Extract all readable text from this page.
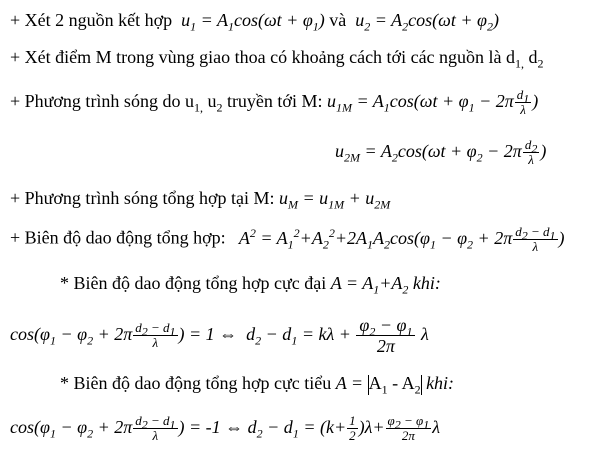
+ Xét 2 nguồn kết hợp  $u_1 = A_1\cos(\omega t + \varphi_1)$ và  $u_2 = A_2\cos(\omega t + \varphi_2)$
+ Xét điểm M trong vùng giao thoa có khoảng cách tới các nguồn là $d_{1,}$ $d_2$
+ Phương trình sóng do $u_{1,}$ $u_2$ truyền tới M: $u_{1M} = A_1\cos(\omega t + \varphi_1 - 2\pi \frac{d_1}{\lambda}$ )
$u_{2M} = A_2\cos(\omega t + \varphi_2 - 2\pi \frac{d_2}{\lambda}$ )
+ Phương trình sóng tổng hợp tại M: $u_M = u_{1M} + u_{2M}$
+ Biên độ dao động tổng hợp:   $A^2 = A_1^2+A_2^2+2A_1A_2\cos(\varphi_1 - \varphi_2 + 2\pi \frac{d_2 - d_1}{\lambda}$ )
* Biên độ dao động tổng hợp cực đại $A = A_1+A_2$ khi:
$\cos(\varphi_1 - \varphi_2 + 2\pi \frac{d_2 - d_1}{\lambda}$ ) = 1 ⇔  $d_2 - d_1 = k\lambda + \frac{\varphi_2 - \varphi_1}{2\pi}$ λ
* Biên độ dao động tổng hợp cực tiểu $A = A_1 - A_2$ khi:
$\cos(\varphi_1 - \varphi_2 + 2\pi \frac{d_2 - d_1}{\lambda}$ ) = -1 ⇔ $d_2 - d_1 = (k+ \frac{1}{2} )\lambda+ \frac{\varphi_2 - \varphi_1}{2\pi}$ λ
